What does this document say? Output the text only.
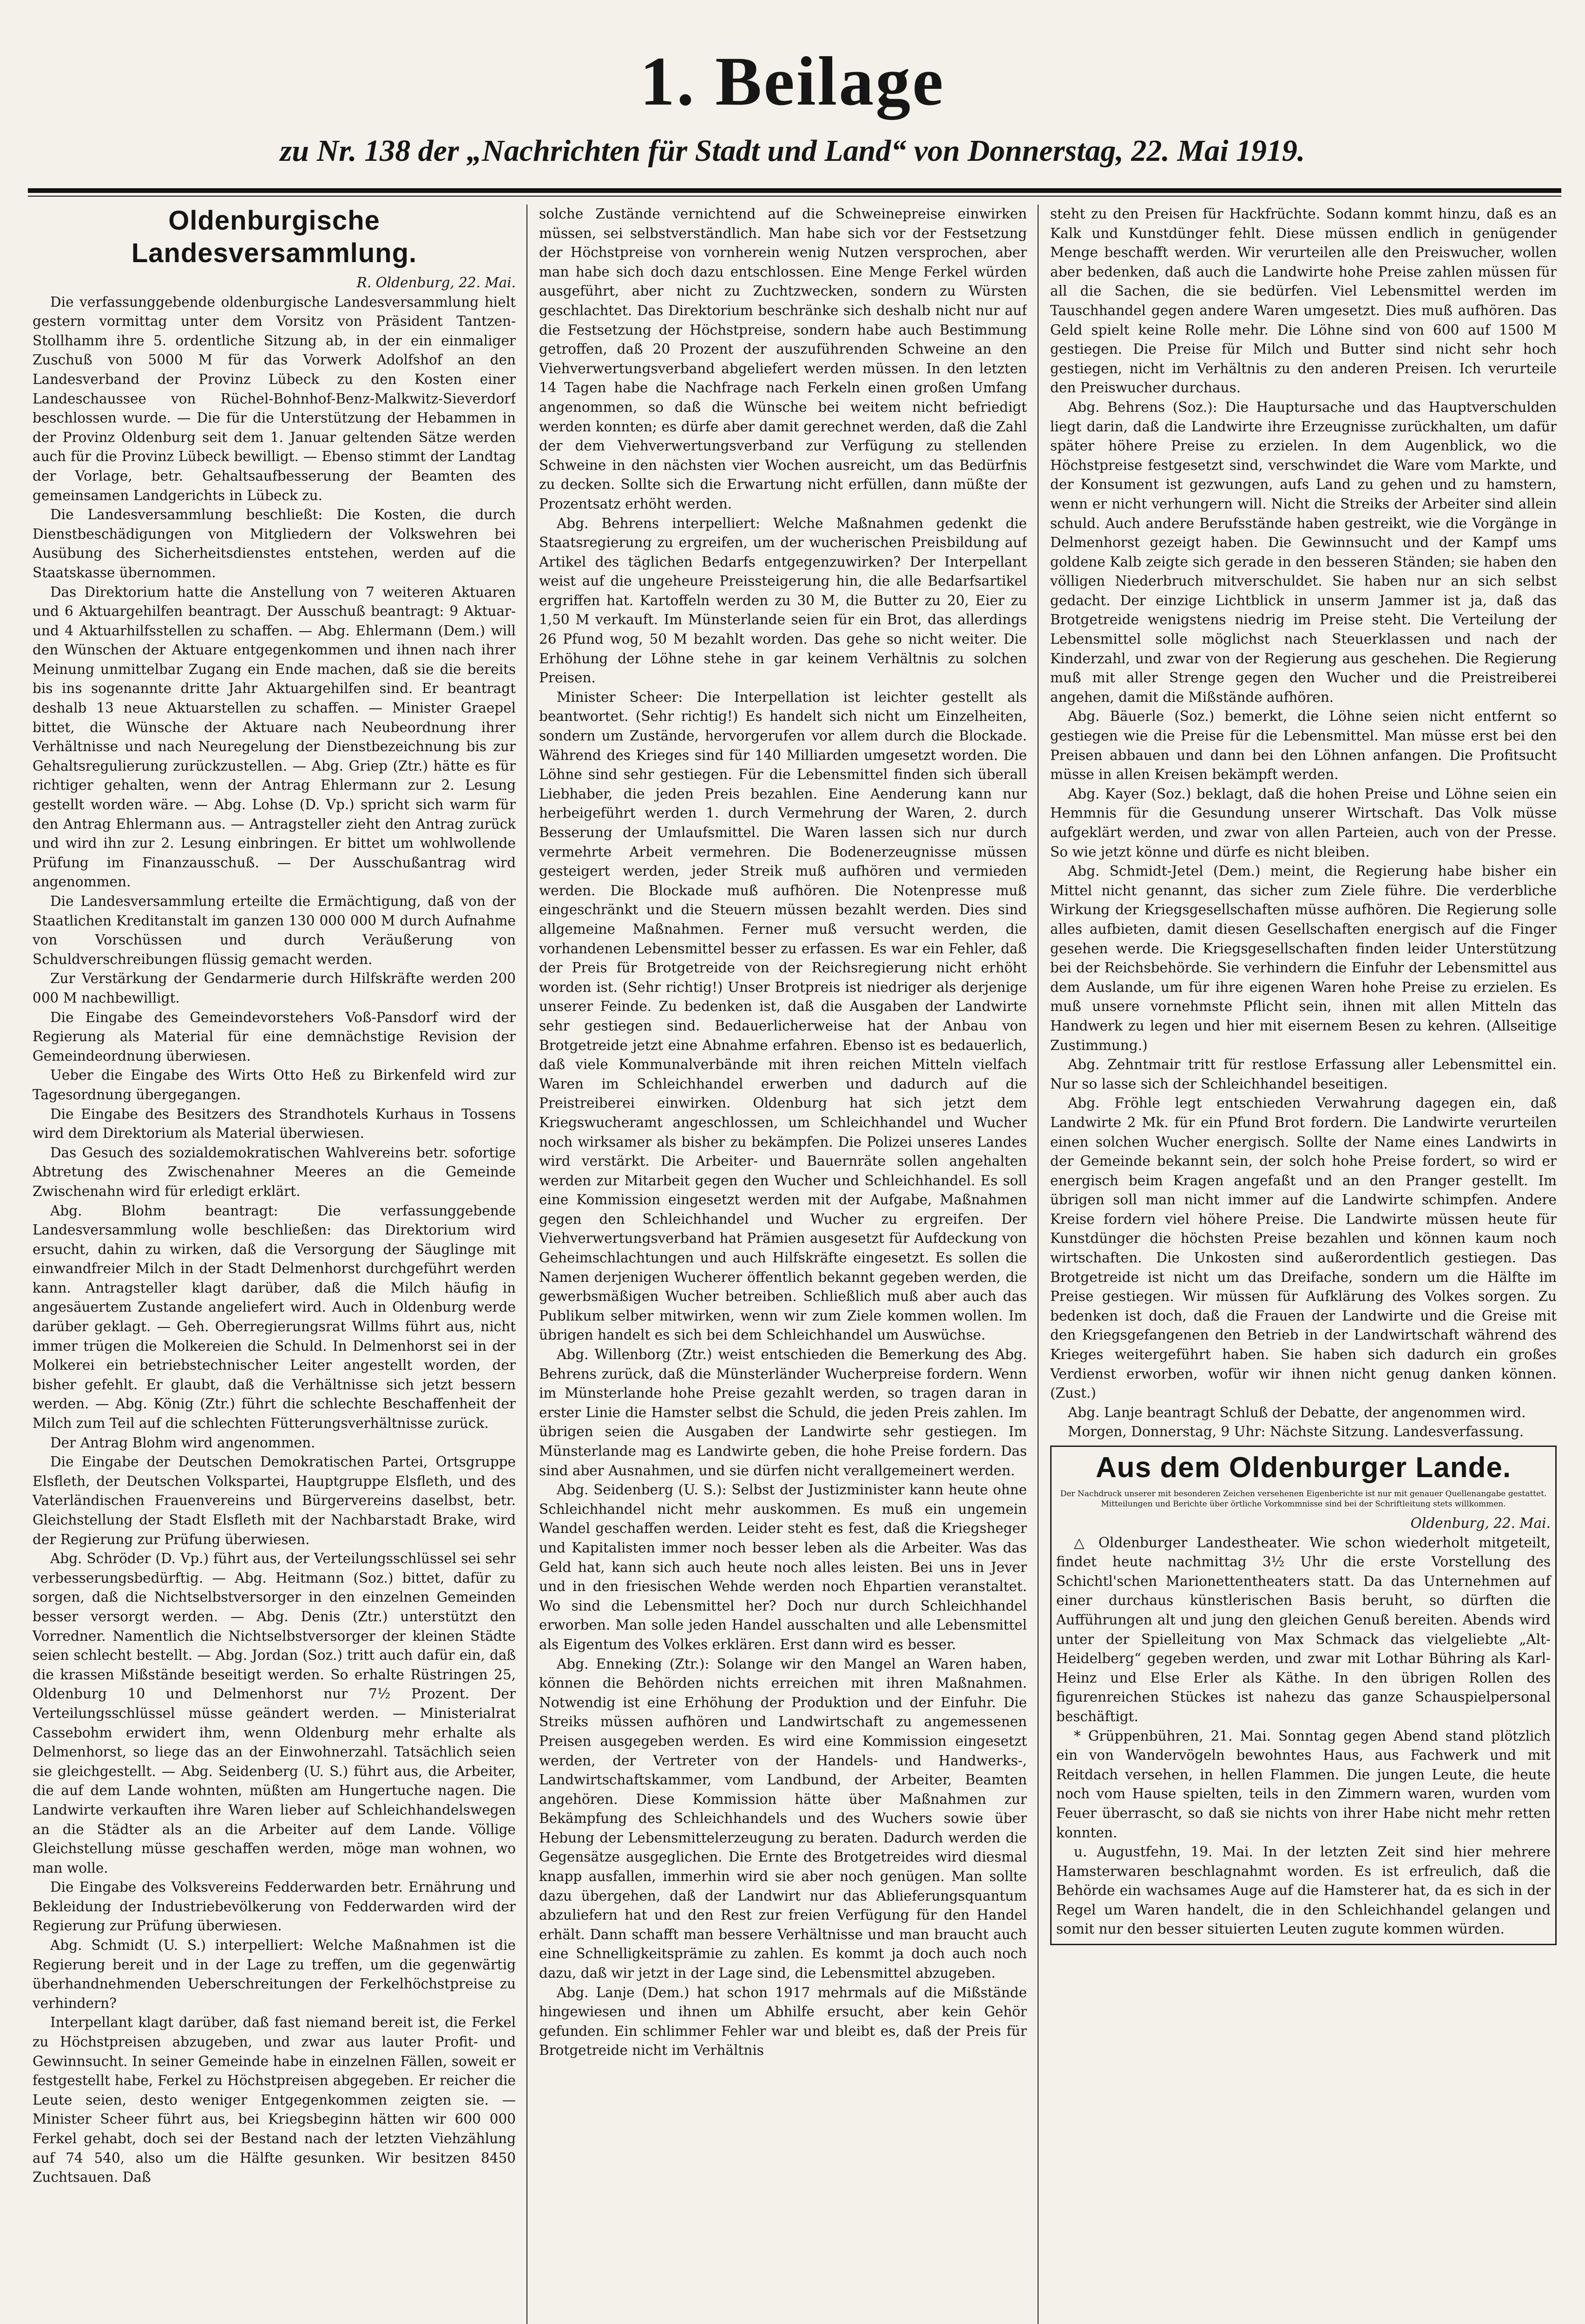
1. Beilage
zu Nr. 138 der „Nachrichten für Stadt und Land“ von Donnerstag, 22. Mai 1919.
Oldenburgische Landesversammlung.

R. Oldenburg, 22. Mai.

Die verfassunggebende oldenburgische Landesversammlung hielt gestern vormittag unter dem Vorsitz von Präsident Tantzen-Stollhamm ihre 5. ordentliche Sitzung ab, in der ein einmaliger Zuschuß von 5000 M für das Vorwerk Adolfshof an den Landesverband der Provinz Lübeck zu den Kosten einer Landeschaussee von Rüchel-Bohnhof-Benz-Malkwitz-Sieverdorf beschlossen wurde. — Die für die Unterstützung der Hebammen in der Provinz Oldenburg seit dem 1. Januar geltenden Sätze werden auch für die Provinz Lübeck bewilligt. — Ebenso stimmt der Landtag der Vorlage, betr. Gehaltsaufbesserung der Beamten des gemeinsamen Landgerichts in Lübeck zu.

Die Landesversammlung beschließt: Die Kosten, die durch Dienstbeschädigungen von Mitgliedern der Volkswehren bei Ausübung des Sicherheitsdienstes entstehen, werden auf die Staatskasse übernommen.

Das Direktorium hatte die Anstellung von 7 weiteren Aktuaren und 6 Aktuargehilfen beantragt. Der Ausschuß beantragt: 9 Aktuar- und 4 Aktuarhilfsstellen zu schaffen. — Abg. Ehlermann (Dem.) will den Wünschen der Aktuare entgegenkommen und ihnen nach ihrer Meinung unmittelbar Zugang ein Ende machen, daß sie die bereits bis ins sogenannte dritte Jahr Aktuargehilfen sind. Er beantragt deshalb 13 neue Aktuarstellen zu schaffen. — Minister Graepel bittet, die Wünsche der Aktuare nach Neubeordnung ihrer Verhältnisse und nach Neuregelung der Dienstbezeichnung bis zur Gehaltsregulierung zurückzustellen. — Abg. Griep (Ztr.) hätte es für richtiger gehalten, wenn der Antrag Ehlermann zur 2. Lesung gestellt worden wäre. — Abg. Lohse (D. Vp.) spricht sich warm für den Antrag Ehlermann aus. — Antragsteller zieht den Antrag zurück und wird ihn zur 2. Lesung einbringen. Er bittet um wohlwollende Prüfung im Finanzausschuß. — Der Ausschußantrag wird angenommen.

Die Landesversammlung erteilte die Ermächtigung, daß von der Staatlichen Kreditanstalt im ganzen 130 000 000 M durch Aufnahme von Vorschüssen und durch Veräußerung von Schuldverschreibungen flüssig gemacht werden.

Zur Verstärkung der Gendarmerie durch Hilfskräfte werden 200 000 M nachbewilligt.

Die Eingabe des Gemeindevorstehers Voß-Pansdorf wird der Regierung als Material für eine demnächstige Revision der Gemeindeordnung überwiesen.

Ueber die Eingabe des Wirts Otto Heß zu Birkenfeld wird zur Tagesordnung übergegangen.

Die Eingabe des Besitzers des Strandhotels Kurhaus in Tossens wird dem Direktorium als Material überwiesen.

Das Gesuch des sozialdemokratischen Wahlvereins betr. sofortige Abtretung des Zwischenahner Meeres an die Gemeinde Zwischenahn wird für erledigt erklärt.

Abg. Blohm beantragt: Die verfassunggebende Landesversammlung wolle beschließen: das Direktorium wird ersucht, dahin zu wirken, daß die Versorgung der Säuglinge mit einwandfreier Milch in der Stadt Delmenhorst durchgeführt werden kann. Antragsteller klagt darüber, daß die Milch häufig in angesäuertem Zustande angeliefert wird. Auch in Oldenburg werde darüber geklagt. — Geh. Oberregierungsrat Willms führt aus, nicht immer trügen die Molkereien die Schuld. In Delmenhorst sei in der Molkerei ein betriebstechnischer Leiter angestellt worden, der bisher gefehlt. Er glaubt, daß die Verhältnisse sich jetzt bessern werden. — Abg. König (Ztr.) führt die schlechte Beschaffenheit der Milch zum Teil auf die schlechten Fütterungsverhältnisse zurück.

Der Antrag Blohm wird angenommen.

Die Eingabe der Deutschen Demokratischen Partei, Ortsgruppe Elsfleth, der Deutschen Volkspartei, Hauptgruppe Elsfleth, und des Vaterländischen Frauenvereins und Bürgervereins daselbst, betr. Gleichstellung der Stadt Elsfleth mit der Nachbarstadt Brake, wird der Regierung zur Prüfung überwiesen.

Abg. Schröder (D. Vp.) führt aus, der Verteilungsschlüssel sei sehr verbesserungsbedürftig. — Abg. Heitmann (Soz.) bittet, dafür zu sorgen, daß die Nichtselbstversorger in den einzelnen Gemeinden besser versorgt werden. — Abg. Denis (Ztr.) unterstützt den Vorredner. Namentlich die Nichtselbstversorger der kleinen Städte seien schlecht bestellt. — Abg. Jordan (Soz.) tritt auch dafür ein, daß die krassen Mißstände beseitigt werden. So erhalte Rüstringen 25, Oldenburg 10 und Delmenhorst nur 7½ Prozent. Der Verteilungsschlüssel müsse geändert werden. — Ministerialrat Cassebohm erwidert ihm, wenn Oldenburg mehr erhalte als Delmenhorst, so liege das an der Einwohnerzahl. Tatsächlich seien sie gleichgestellt. — Abg. Seidenberg (U. S.) führt aus, die Arbeiter, die auf dem Lande wohnten, müßten am Hungertuche nagen. Die Landwirte verkauften ihre Waren lieber auf Schleichhandelswegen an die Städter als an die Arbeiter auf dem Lande. Völlige Gleichstellung müsse geschaffen werden, möge man wohnen, wo man wolle.

Die Eingabe des Volksvereins Fedderwarden betr. Ernährung und Bekleidung der Industriebevölkerung von Fedderwarden wird der Regierung zur Prüfung überwiesen.

Abg. Schmidt (U. S.) interpelliert: Welche Maßnahmen ist die Regierung bereit und in der Lage zu treffen, um die gegenwärtig überhandnehmenden Ueberschreitungen der Ferkelhöchstpreise zu verhindern?

Interpellant klagt darüber, daß fast niemand bereit ist, die Ferkel zu Höchstpreisen abzugeben, und zwar aus lauter Profit- und Gewinnsucht. In seiner Gemeinde habe in einzelnen Fällen, soweit er festgestellt habe, Ferkel zu Höchstpreisen abgegeben. Er reicher die Leute seien, desto weniger Entgegenkommen zeigten sie. — Minister Scheer führt aus, bei Kriegsbeginn hätten wir 600 000 Ferkel gehabt, doch sei der Bestand nach der letzten Viehzählung auf 74 540, also um die Hälfte gesunken. Wir besitzen 8450 Zuchtsauen. Daß

solche Zustände vernichtend auf die Schweinepreise einwirken müssen, sei selbstverständlich. Man habe sich vor der Festsetzung der Höchstpreise von vornherein wenig Nutzen versprochen, aber man habe sich doch dazu entschlossen. Eine Menge Ferkel würden ausgeführt, aber nicht zu Zuchtzwecken, sondern zu Würsten geschlachtet. Das Direktorium beschränke sich deshalb nicht nur auf die Festsetzung der Höchstpreise, sondern habe auch Bestimmung getroffen, daß 20 Prozent der auszuführenden Schweine an den Viehverwertungsverband abgeliefert werden müssen. In den letzten 14 Tagen habe die Nachfrage nach Ferkeln einen großen Umfang angenommen, so daß die Wünsche bei weitem nicht befriedigt werden konnten; es dürfe aber damit gerechnet werden, daß die Zahl der dem Viehverwertungsverband zur Verfügung zu stellenden Schweine in den nächsten vier Wochen ausreicht, um das Bedürfnis zu decken. Sollte sich die Erwartung nicht erfüllen, dann müßte der Prozentsatz erhöht werden.

Abg. Behrens interpelliert: Welche Maßnahmen gedenkt die Staatsregierung zu ergreifen, um der wucherischen Preisbildung auf Artikel des täglichen Bedarfs entgegenzuwirken? Der Interpellant weist auf die ungeheure Preissteigerung hin, die alle Bedarfsartikel ergriffen hat. Kartoffeln werden zu 30 M, die Butter zu 20, Eier zu 1,50 M verkauft. Im Münsterlande seien für ein Brot, das allerdings 26 Pfund wog, 50 M bezahlt worden. Das gehe so nicht weiter. Die Erhöhung der Löhne stehe in gar keinem Verhältnis zu solchen Preisen.

Minister Scheer: Die Interpellation ist leichter gestellt als beantwortet. (Sehr richtig!) Es handelt sich nicht um Einzelheiten, sondern um Zustände, hervorgerufen vor allem durch die Blockade. Während des Krieges sind für 140 Milliarden umgesetzt worden. Die Löhne sind sehr gestiegen. Für die Lebensmittel finden sich überall Liebhaber, die jeden Preis bezahlen. Eine Aenderung kann nur herbeigeführt werden 1. durch Vermehrung der Waren, 2. durch Besserung der Umlaufsmittel. Die Waren lassen sich nur durch vermehrte Arbeit vermehren. Die Bodenerzeugnisse müssen gesteigert werden, jeder Streik muß aufhören und vermieden werden. Die Blockade muß aufhören. Die Notenpresse muß eingeschränkt und die Steuern müssen bezahlt werden. Dies sind allgemeine Maßnahmen. Ferner muß versucht werden, die vorhandenen Lebensmittel besser zu erfassen. Es war ein Fehler, daß der Preis für Brotgetreide von der Reichsregierung nicht erhöht worden ist. (Sehr richtig!) Unser Brotpreis ist niedriger als derjenige unserer Feinde. Zu bedenken ist, daß die Ausgaben der Landwirte sehr gestiegen sind. Bedauerlicherweise hat der Anbau von Brotgetreide jetzt eine Abnahme erfahren. Ebenso ist es bedauerlich, daß viele Kommunalverbände mit ihren reichen Mitteln vielfach Waren im Schleichhandel erwerben und dadurch auf die Preistreiberei einwirken. Oldenburg hat sich jetzt dem Kriegswucheramt angeschlossen, um Schleichhandel und Wucher noch wirksamer als bisher zu bekämpfen. Die Polizei unseres Landes wird verstärkt. Die Arbeiter- und Bauernräte sollen angehalten werden zur Mitarbeit gegen den Wucher und Schleichhandel. Es soll eine Kommission eingesetzt werden mit der Aufgabe, Maßnahmen gegen den Schleichhandel und Wucher zu ergreifen. Der Viehverwertungsverband hat Prämien ausgesetzt für Aufdeckung von Geheimschlachtungen und auch Hilfskräfte eingesetzt. Es sollen die Namen derjenigen Wucherer öffentlich bekannt gegeben werden, die gewerbsmäßigen Wucher betreiben. Schließlich muß aber auch das Publikum selber mitwirken, wenn wir zum Ziele kommen wollen. Im übrigen handelt es sich bei dem Schleichhandel um Auswüchse.

Abg. Willenborg (Ztr.) weist entschieden die Bemerkung des Abg. Behrens zurück, daß die Münsterländer Wucherpreise fordern. Wenn im Münsterlande hohe Preise gezahlt werden, so tragen daran in erster Linie die Hamster selbst die Schuld, die jeden Preis zahlen. Im übrigen seien die Ausgaben der Landwirte sehr gestiegen. Im Münsterlande mag es Landwirte geben, die hohe Preise fordern. Das sind aber Ausnahmen, und sie dürfen nicht verallgemeinert werden.

Abg. Seidenberg (U. S.): Selbst der Justizminister kann heute ohne Schleichhandel nicht mehr auskommen. Es muß ein ungemein Wandel geschaffen werden. Leider steht es fest, daß die Kriegsheger und Kapitalisten immer noch besser leben als die Arbeiter. Was das Geld hat, kann sich auch heute noch alles leisten. Bei uns in Jever und in den friesischen Wehde werden noch Ehpartien veranstaltet. Wo sind die Lebensmittel her? Doch nur durch Schleichhandel erworben. Man solle jeden Handel ausschalten und alle Lebensmittel als Eigentum des Volkes erklären. Erst dann wird es besser.

Abg. Enneking (Ztr.): Solange wir den Mangel an Waren haben, können die Behörden nichts erreichen mit ihren Maßnahmen. Notwendig ist eine Erhöhung der Produktion und der Einfuhr. Die Streiks müssen aufhören und Landwirtschaft zu angemessenen Preisen ausgegeben werden. Es wird eine Kommission eingesetzt werden, der Vertreter von der Handels- und Handwerks-, Landwirtschaftskammer, vom Landbund, der Arbeiter, Beamten angehören. Diese Kommission hätte über Maßnahmen zur Bekämpfung des Schleichhandels und des Wuchers sowie über Hebung der Lebensmittelerzeugung zu beraten. Dadurch werden die Gegensätze ausgeglichen. Die Ernte des Brotgetreides wird diesmal knapp ausfallen, immerhin wird sie aber noch genügen. Man sollte dazu übergehen, daß der Landwirt nur das Ablieferungsquantum abzuliefern hat und den Rest zur freien Verfügung für den Handel erhält. Dann schafft man bessere Verhältnisse und man braucht auch eine Schnelligkeitsprämie zu zahlen. Es kommt ja doch auch noch dazu, daß wir jetzt in der Lage sind, die Lebensmittel abzugeben.

Abg. Lanje (Dem.) hat schon 1917 mehrmals auf die Mißstände hingewiesen und ihnen um Abhilfe ersucht, aber kein Gehör gefunden. Ein schlimmer Fehler war und bleibt es, daß der Preis für Brotgetreide nicht im Verhältnis

steht zu den Preisen für Hackfrüchte. Sodann kommt hinzu, daß es an Kalk und Kunstdünger fehlt. Diese müssen endlich in genügender Menge beschafft werden. Wir verurteilen alle den Preiswucher, wollen aber bedenken, daß auch die Landwirte hohe Preise zahlen müssen für all die Sachen, die sie bedürfen. Viel Lebensmittel werden im Tauschhandel gegen andere Waren umgesetzt. Dies muß aufhören. Das Geld spielt keine Rolle mehr. Die Löhne sind von 600 auf 1500 M gestiegen. Die Preise für Milch und Butter sind nicht sehr hoch gestiegen, nicht im Verhältnis zu den anderen Preisen. Ich verurteile den Preiswucher durchaus.

Abg. Behrens (Soz.): Die Hauptursache und das Hauptverschulden liegt darin, daß die Landwirte ihre Erzeugnisse zurückhalten, um dafür später höhere Preise zu erzielen. In dem Augenblick, wo die Höchstpreise festgesetzt sind, verschwindet die Ware vom Markte, und der Konsument ist gezwungen, aufs Land zu gehen und zu hamstern, wenn er nicht verhungern will. Nicht die Streiks der Arbeiter sind allein schuld. Auch andere Berufsstände haben gestreikt, wie die Vorgänge in Delmenhorst gezeigt haben. Die Gewinnsucht und der Kampf ums goldene Kalb zeigte sich gerade in den besseren Ständen; sie haben den völligen Niederbruch mitverschuldet. Sie haben nur an sich selbst gedacht. Der einzige Lichtblick in unserm Jammer ist ja, daß das Brotgetreide wenigstens niedrig im Preise steht. Die Verteilung der Lebensmittel solle möglichst nach Steuerklassen und nach der Kinderzahl, und zwar von der Regierung aus geschehen. Die Regierung muß mit aller Strenge gegen den Wucher und die Preistreiberei angehen, damit die Mißstände aufhören.

Abg. Bäuerle (Soz.) bemerkt, die Löhne seien nicht entfernt so gestiegen wie die Preise für die Lebensmittel. Man müsse erst bei den Preisen abbauen und dann bei den Löhnen anfangen. Die Profitsucht müsse in allen Kreisen bekämpft werden.

Abg. Kayer (Soz.) beklagt, daß die hohen Preise und Löhne seien ein Hemmnis für die Gesundung unserer Wirtschaft. Das Volk müsse aufgeklärt werden, und zwar von allen Parteien, auch von der Presse. So wie jetzt könne und dürfe es nicht bleiben.

Abg. Schmidt-Jetel (Dem.) meint, die Regierung habe bisher ein Mittel nicht genannt, das sicher zum Ziele führe. Die verderbliche Wirkung der Kriegsgesellschaften müsse aufhören. Die Regierung solle alles aufbieten, damit diesen Gesellschaften energisch auf die Finger gesehen werde. Die Kriegsgesellschaften finden leider Unterstützung bei der Reichsbehörde. Sie verhindern die Einfuhr der Lebensmittel aus dem Auslande, um für ihre eigenen Waren hohe Preise zu erzielen. Es muß unsere vornehmste Pflicht sein, ihnen mit allen Mitteln das Handwerk zu legen und hier mit eisernem Besen zu kehren. (Allseitige Zustimmung.)

Abg. Zehntmair tritt für restlose Erfassung aller Lebensmittel ein. Nur so lasse sich der Schleichhandel beseitigen.

Abg. Fröhle legt entschieden Verwahrung dagegen ein, daß Landwirte 2 Mk. für ein Pfund Brot fordern. Die Landwirte verurteilen einen solchen Wucher energisch. Sollte der Name eines Landwirts in der Gemeinde bekannt sein, der solch hohe Preise fordert, so wird er energisch beim Kragen angefaßt und an den Pranger gestellt. Im übrigen soll man nicht immer auf die Landwirte schimpfen. Andere Kreise fordern viel höhere Preise. Die Landwirte müssen heute für Kunstdünger die höchsten Preise bezahlen und können kaum noch wirtschaften. Die Unkosten sind außerordentlich gestiegen. Das Brotgetreide ist nicht um das Dreifache, sondern um die Hälfte im Preise gestiegen. Wir müssen für Aufklärung des Volkes sorgen. Zu bedenken ist doch, daß die Frauen der Landwirte und die Greise mit den Kriegsgefangenen den Betrieb in der Landwirtschaft während des Krieges weitergeführt haben. Sie haben sich dadurch ein großes Verdienst erworben, wofür wir ihnen nicht genug danken können. (Zust.)

Abg. Lanje beantragt Schluß der Debatte, der angenommen wird.

Morgen, Donnerstag, 9 Uhr: Nächste Sitzung. Landesverfassung.

Aus dem Oldenburger Lande.
Der Nachdruck unserer mit besonderen Zeichen versehenen Eigenberichte ist nur mit genauer Quellenangabe gestattet. Mitteilungen und Berichte über örtliche Vorkommnisse sind bei der Schriftleitung stets willkommen.

Oldenburg, 22. Mai.

△ Oldenburger Landestheater. Wie schon wiederholt mitgeteilt, findet heute nachmittag 3½ Uhr die erste Vorstellung des Schichtl'schen Marionettentheaters statt. Da das Unternehmen auf einer durchaus künstlerischen Basis beruht, so dürften die Aufführungen alt und jung den gleichen Genuß bereiten. Abends wird unter der Spielleitung von Max Schmack das vielgeliebte „Alt-Heidelberg“ gegeben werden, und zwar mit Lothar Bühring als Karl-Heinz und Else Erler als Käthe. In den übrigen Rollen des figurenreichen Stückes ist nahezu das ganze Schauspielpersonal beschäftigt.

* Grüppenbühren, 21. Mai. Sonntag gegen Abend stand plötzlich ein von Wandervögeln bewohntes Haus, aus Fachwerk und mit Reitdach versehen, in hellen Flammen. Die jungen Leute, die heute noch vom Hause spielten, teils in den Zimmern waren, wurden vom Feuer überrascht, so daß sie nichts von ihrer Habe nicht mehr retten konnten.

u. Augustfehn, 19. Mai. In der letzten Zeit sind hier mehrere Hamsterwaren beschlagnahmt worden. Es ist erfreulich, daß die Behörde ein wachsames Auge auf die Hamsterer hat, da es sich in der Regel um Waren handelt, die in den Schleichhandel gelangen und somit nur den besser situierten Leuten zugute kommen würden.
